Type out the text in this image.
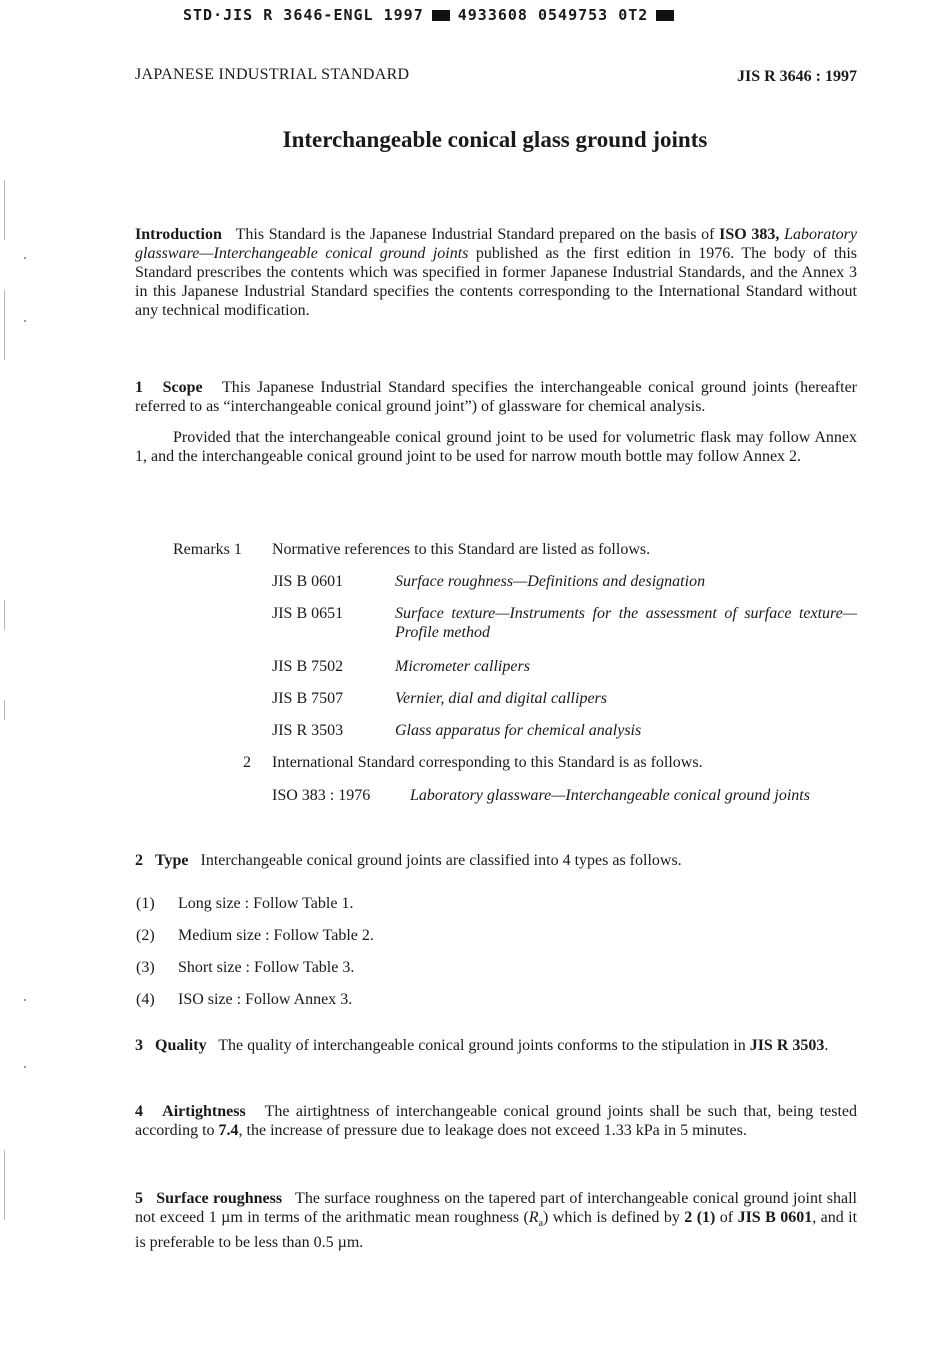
STD·JIS R 3646-ENGL 1997 4933608 0549753 0T2
JAPANESE INDUSTRIAL STANDARD	JIS R 3646 : 1997
Interchangeable conical glass ground joints

Introduction This Standard is the Japanese Industrial Standard prepared on the basis of ISO 383, Laboratory glassware—Interchangeable conical ground joints published as the first edition in 1976. The body of this Standard prescribes the contents which was specified in former Japanese Industrial Standards, and the Annex 3 in this Japanese Industrial Standard specifies the contents corresponding to the International Standard without any technical modification.

1 Scope This Japanese Industrial Standard specifies the interchangeable conical ground joints (hereafter referred to as “interchangeable conical ground joint”) of glassware for chemical analysis.

Provided that the interchangeable conical ground joint to be used for volumetric flask may follow Annex 1, and the interchangeable conical ground joint to be used for narrow mouth bottle may follow Annex 2.

Remarks 1 Normative references to this Standard are listed as follows.
JIS B 0601	Surface roughness—Definitions and designation
JIS B 0651	Surface texture—Instruments for the assessment of surface texture—Profile method
JIS B 7502	Micrometer callipers
JIS B 7507	Vernier, dial and digital callipers
JIS R 3503	Glass apparatus for chemical analysis
2 International Standard corresponding to this Standard is as follows.
ISO 383 : 1976	Laboratory glassware—Interchangeable conical ground joints

2 Type Interchangeable conical ground joints are classified into 4 types as follows.

(1) Long size : Follow Table 1.
(2) Medium size : Follow Table 2.
(3) Short size : Follow Table 3.
(4) ISO size : Follow Annex 3.

3 Quality The quality of interchangeable conical ground joints conforms to the stipulation in JIS R 3503.

4 Airtightness The airtightness of interchangeable conical ground joints shall be such that, being tested according to 7.4, the increase of pressure due to leakage does not exceed 1.33 kPa in 5 minutes.

5 Surface roughness The surface roughness on the tapered part of interchangeable conical ground joint shall not exceed 1 µm in terms of the arithmatic mean roughness $(R_a)$ which is defined by 2 (1) of JIS B 0601, and it is preferable to be less than 0.5 µm.
